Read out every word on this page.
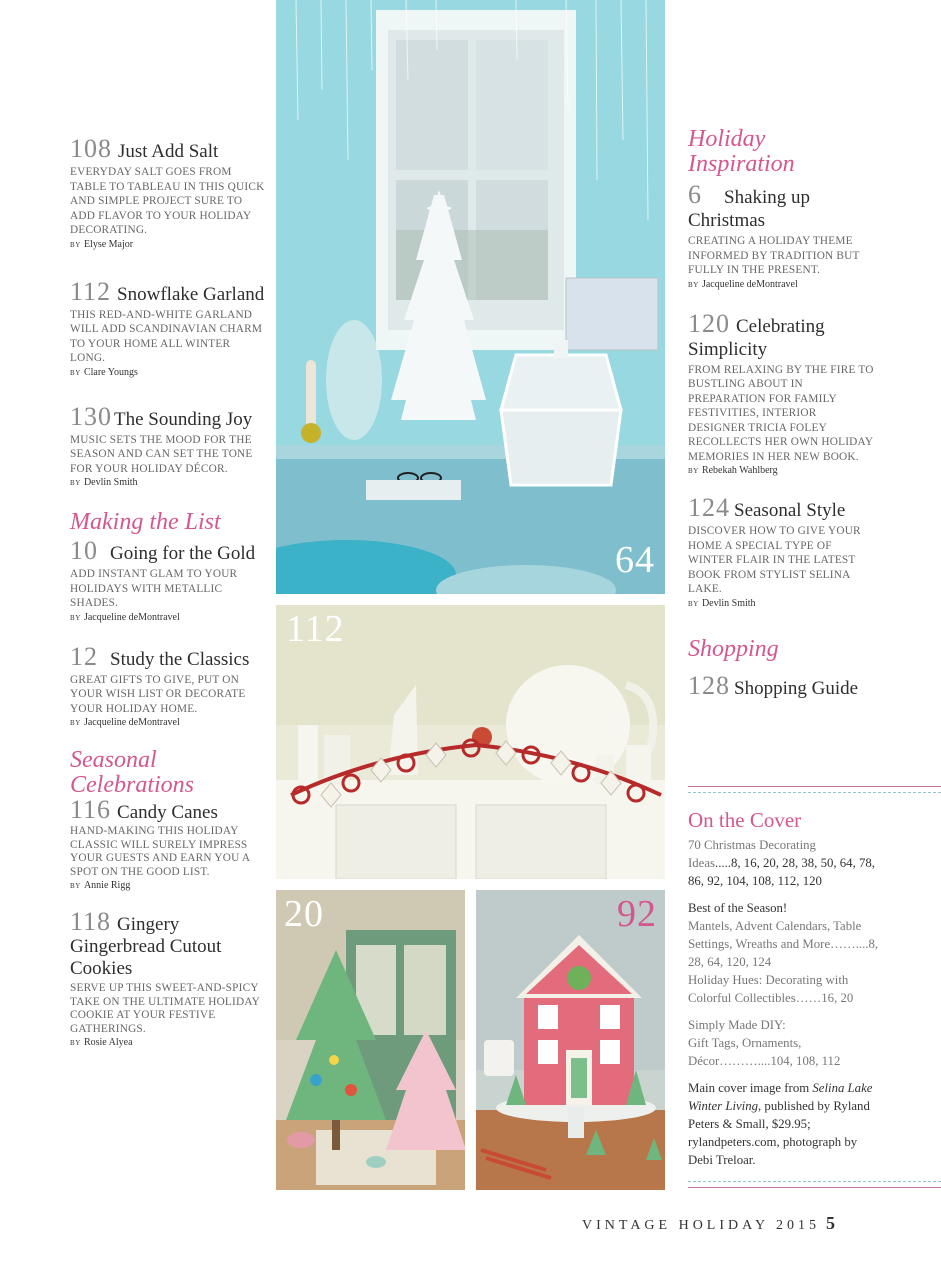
108 Just Add Salt
EVERYDAY SALT GOES FROM TABLE TO TABLEAU IN THIS QUICK AND SIMPLE PROJECT SURE TO ADD FLAVOR TO YOUR HOLIDAY DECORATING.
BY Elyse Major
112 Snowflake Garland
THIS RED-AND-WHITE GARLAND WILL ADD SCANDINAVIAN CHARM TO YOUR HOME ALL WINTER LONG.
BY Clare Youngs
130 The Sounding Joy
MUSIC SETS THE MOOD FOR THE SEASON AND CAN SET THE TONE FOR YOUR HOLIDAY DÉCOR.
BY Devlin Smith
Making the List
10 Going for the Gold
ADD INSTANT GLAM TO YOUR HOLIDAYS WITH METALLIC SHADES.
BY Jacqueline deMontravel
12 Study the Classics
GREAT GIFTS TO GIVE, PUT ON YOUR WISH LIST OR DECORATE YOUR HOLIDAY HOME.
BY Jacqueline deMontravel
Seasonal Celebrations
116 Candy Canes
HAND-MAKING THIS HOLIDAY CLASSIC WILL SURELY IMPRESS YOUR GUESTS AND EARN YOU A SPOT ON THE GOOD LIST.
BY Annie Rigg
118 Gingery Gingerbread Cutout Cookies
SERVE UP THIS SWEET-AND-SPICY TAKE ON THE ULTIMATE HOLIDAY COOKIE AT YOUR FESTIVE GATHERINGS.
BY Rosie Alyea
64
112
20	92
Holiday Inspiration
6 Shaking up Christmas
CREATING A HOLIDAY THEME INFORMED BY TRADITION BUT FULLY IN THE PRESENT.
BY Jacqueline deMontravel
120 Celebrating Simplicity
FROM RELAXING BY THE FIRE TO BUSTLING ABOUT IN PREPARATION FOR FAMILY FESTIVITIES, INTERIOR DESIGNER TRICIA FOLEY RECOLLECTS HER OWN HOLIDAY MEMORIES IN HER NEW BOOK.
BY Rebekah Wahlberg
124 Seasonal Style
DISCOVER HOW TO GIVE YOUR HOME A SPECIAL TYPE OF WINTER FLAIR IN THE LATEST BOOK FROM STYLIST SELINA LAKE.
BY Devlin Smith
Shopping
128 Shopping Guide
On the Cover

70 Christmas Decorating
Ideas.....8, 16, 20, 28, 38, 50, 64, 78, 86, 92, 104, 108, 112, 120

Best of the Season!
Mantels, Advent Calendars, Table Settings, Wreaths and More……....8, 28, 64, 120, 124
Holiday Hues: Decorating with Colorful Collectibles……16, 20

Simply Made DIY:
Gift Tags, Ornaments, Décor………....104, 108, 112

Main cover image from Selina Lake Winter Living, published by Ryland Peters & Small, $29.95; rylandpeters.com, photograph by Debi Treloar.

VINTAGE HOLIDAY 2015 5
